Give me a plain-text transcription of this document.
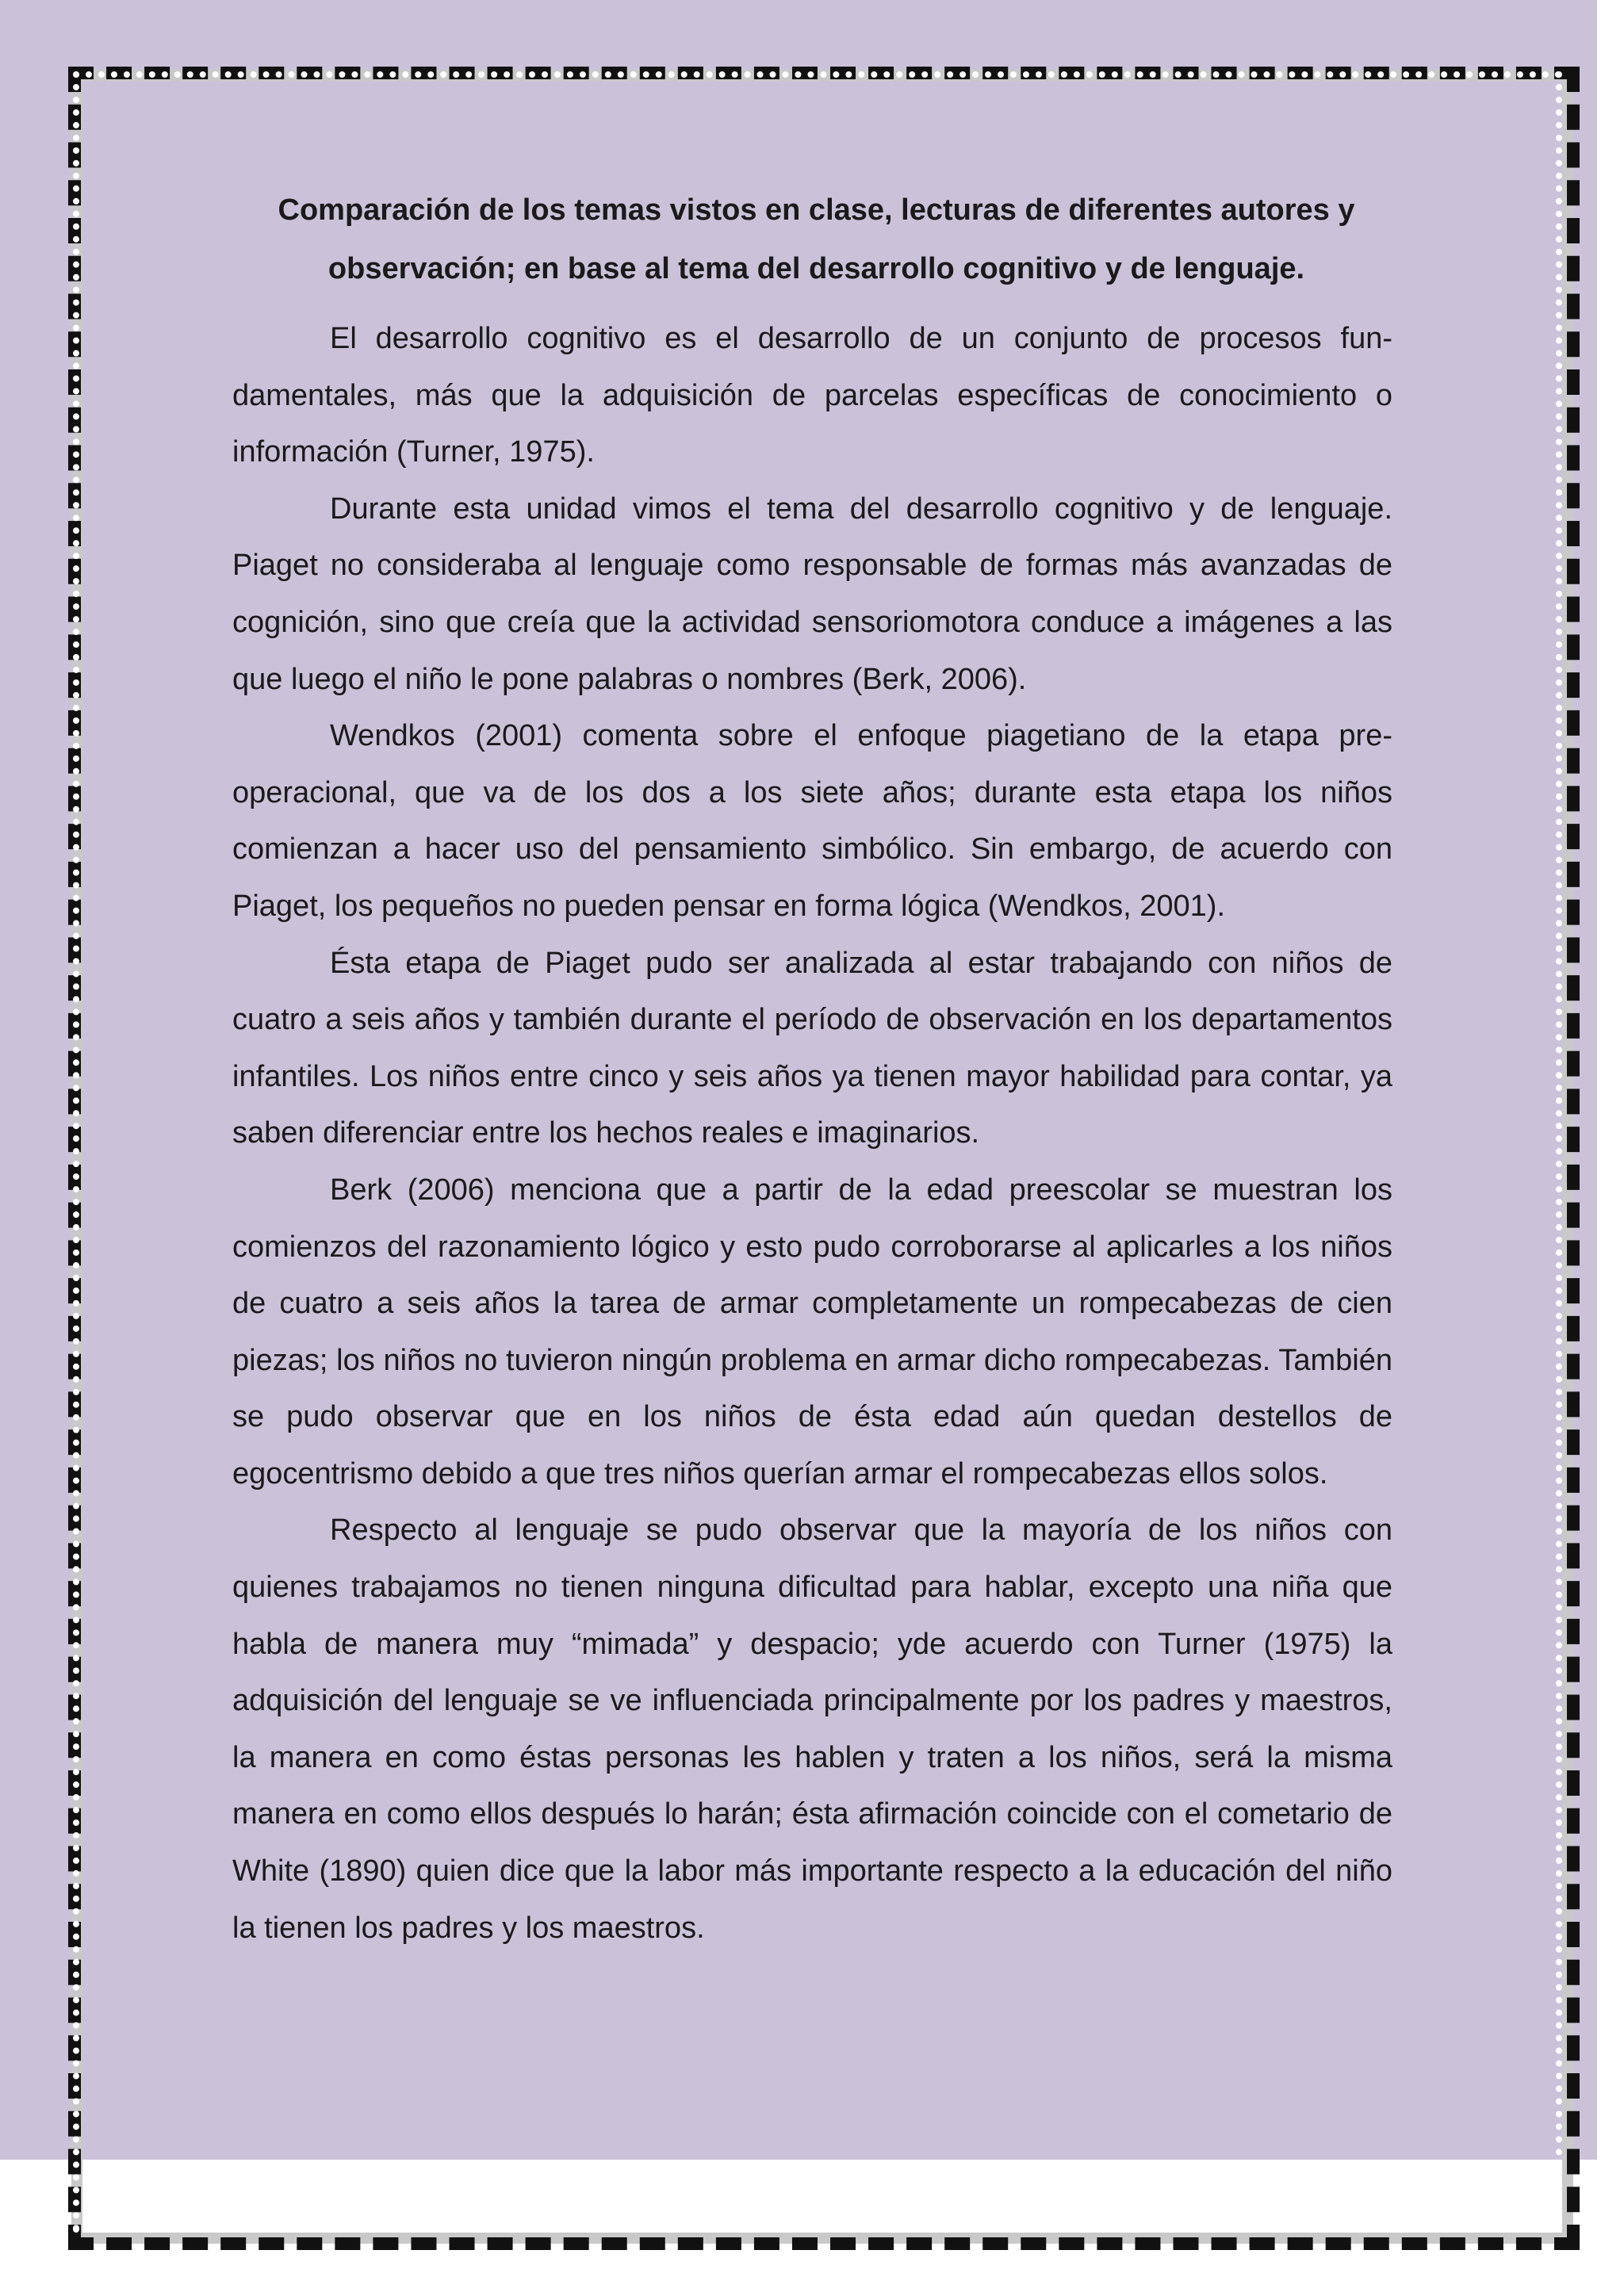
Comparación de los temas vistos en clase, lecturas de diferentes autores y observación; en base al tema del desarrollo cognitivo y de lenguaje.

El desarrollo cognitivo es el desarrollo de un conjunto de procesos fundamentales, más que la adquisición de parcelas específicas de conocimiento o información (Turner, 1975).

Durante esta unidad vimos el tema del desarrollo cognitivo y de lenguaje. Piaget no consideraba al lenguaje como responsable de formas más avanzadas de cognición, sino que creía que la actividad sensoriomotora conduce a imágenes a las que luego el niño le pone palabras o nombres (Berk, 2006).

Wendkos (2001) comenta sobre el enfoque piagetiano de la etapa preoperacional, que va de los dos a los siete años; durante esta etapa los niños comienzan a hacer uso del pensamiento simbólico. Sin embargo, de acuerdo con Piaget, los pequeños no pueden pensar en forma lógica (Wendkos, 2001).

Ésta etapa de Piaget pudo ser analizada al estar trabajando con niños de cuatro a seis años y también durante el período de observación en los departamentos infantiles. Los niños entre cinco y seis años ya tienen mayor habilidad para contar, ya saben diferenciar entre los hechos reales e imaginarios.

Berk (2006) menciona que a partir de la edad preescolar se muestran los comienzos del razonamiento lógico y esto pudo corroborarse al aplicarles a los niños de cuatro a seis años la tarea de armar completamente un rompecabezas de cien piezas; los niños no tuvieron ningún problema en armar dicho rompecabezas. También se pudo observar que en los niños de ésta edad aún quedan destellos de egocentrismo debido a que tres niños querían armar el rompecabezas ellos solos.

Respecto al lenguaje se pudo observar que la mayoría de los niños con quienes trabajamos no tienen ninguna dificultad para hablar, excepto una niña que habla de manera muy “mimada” y despacio; yde acuerdo con Turner (1975) la adquisición del lenguaje se ve influenciada principalmente por los padres y maestros, la manera en como éstas personas les hablen y traten a los niños, será la misma manera en como ellos después lo harán; ésta afirmación coincide con el cometario de White (1890) quien dice que la labor más importante respecto a la educación del niño la tienen los padres y los maestros.
